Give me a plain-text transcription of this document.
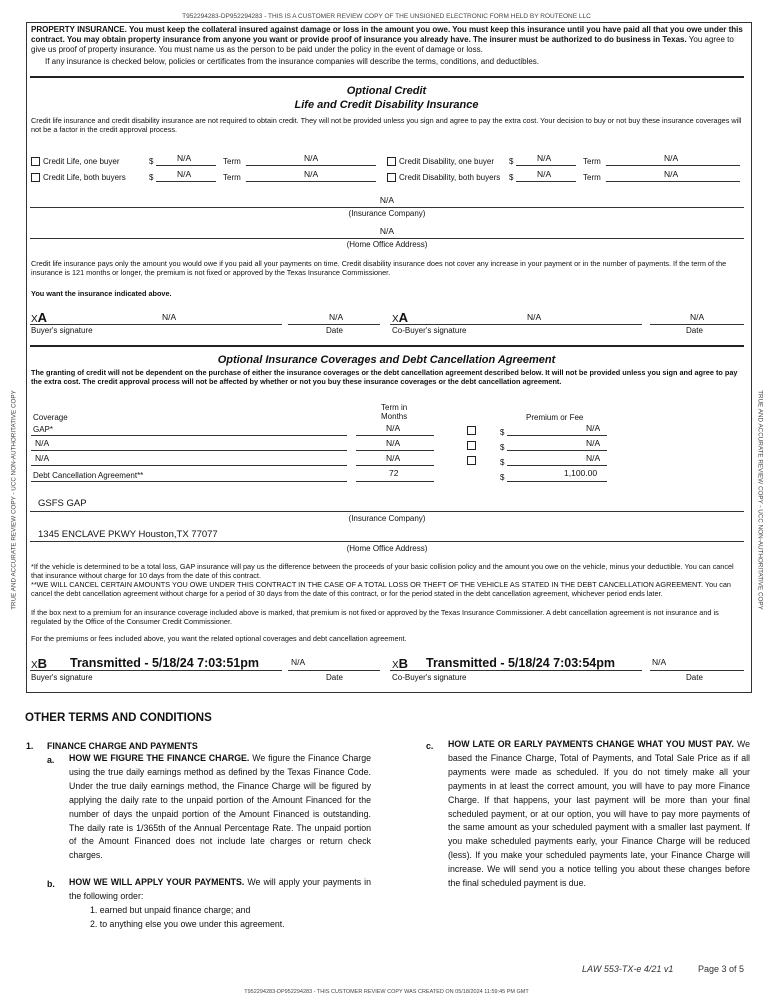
T952294283-DP952294283 - THIS IS A CUSTOMER REVIEW COPY OF THE UNSIGNED ELECTRONIC FORM HELD BY ROUTEONE LLC
PROPERTY INSURANCE. You must keep the collateral insured against damage or loss in the amount you owe. You must keep this insurance until you have paid all that you owe under this contract. You may obtain property insurance from anyone you want or provide proof of insurance you already have. The insurer must be authorized to do business in Texas. You agree to give us proof of property insurance. You must name us as the person to be paid under the policy in the event of damage or loss.
If any insurance is checked below, policies or certificates from the insurance companies will describe the terms, conditions, and deductibles.
Optional Credit
Life and Credit Disability Insurance
Credit life insurance and credit disability insurance are not required to obtain credit. They will not be provided unless you sign and agree to pay the extra cost. Your decision to buy or not buy these insurance coverages will not be a factor in the credit approval process.
Credit Life, one buyer	$	N/A	Term	N/A	Credit Disability, one buyer $	N/A	Term	N/A
Credit Life, both buyers	$	N/A	Term	N/A	Credit Disability, both buyers $	N/A	Term	N/A
N/A
(Insurance Company)
N/A
(Home Office Address)
Credit life insurance pays only the amount you would owe if you paid all your payments on time. Credit disability insurance does not cover any increase in your payment or in the number of payments. If the term of the insurance is 121 months or longer, the premium is not fixed or approved by the Texas Insurance Commissioner.
You want the insurance indicated above.
XA	N/A
Buyer's signature
N/A
Date
XA	N/A
Co-Buyer's signature
N/A
Date
Optional Insurance Coverages and Debt Cancellation Agreement
The granting of credit will not be dependent on the purchase of either the insurance coverages or the debt cancellation agreement described below. It will not be provided unless you sign and agree to pay the extra cost. The credit approval process will not be affected by whether or not you buy these insurance coverages or the debt cancellation agreement.
Term in
Months
Coverage	Premium or Fee
GAP*	N/A	$	N/A
N/A	N/A	$	N/A
N/A	N/A	$	N/A
Debt Cancellation Agreement**	72	$	1,100.00
GSFS GAP
(Insurance Company)
1345 ENCLAVE PKWY Houston,TX 77077
(Home Office Address)
*If the vehicle is determined to be a total loss, GAP insurance will pay us the difference between the proceeds of your basic collision policy and the amount you owe on the vehicle, minus your deductible. You can cancel that insurance without charge for 10 days from the date of this contract.
**WE WILL CANCEL CERTAIN AMOUNTS YOU OWE UNDER THIS CONTRACT IN THE CASE OF A TOTAL LOSS OR THEFT OF THE VEHICLE AS STATED IN THE DEBT CANCELLATION AGREEMENT. You can cancel the debt cancellation agreement without charge for a period of 30 days from the date of this contract, or for the period stated in the debt cancellation agreement, whichever period ends later.
If the box next to a premium for an insurance coverage included above is marked, that premium is not fixed or approved by the Texas Insurance Commissioner. A debt cancellation agreement is not insurance and is regulated by the Office of the Consumer Credit Commissioner.
For the premiums or fees included above, you want the related optional coverages and debt cancellation agreement.
XB Transmitted - 5/18/24 7:03:51pm	N/A
Buyer's signature	Date
XB Transmitted - 5/18/24 7:03:54pm	N/A
Co-Buyer's signature	Date
TRUE AND ACCURATE REVIEW COPY - UCC NON-AUTHORITATIVE COPY	TRUE AND ACCURATE REVIEW COPY - UCC NON-AUTHORITATIVE COPY
OTHER TERMS AND CONDITIONS
1. FINANCE CHARGE AND PAYMENTS
a. HOW WE FIGURE THE FINANCE CHARGE. We figure the Finance Charge using the true daily earnings method as defined by the Texas Finance Code. Under the true daily earnings method, the Finance Charge will be figured by applying the daily rate to the unpaid portion of the Amount Financed for the number of days the unpaid portion of the Amount Financed is outstanding. The daily rate is 1/365th of the Annual Percentage Rate. The unpaid portion of the Amount Financed does not include late charges or return check charges.
b. HOW WE WILL APPLY YOUR PAYMENTS. We will apply your payments in the following order:
1. earned but unpaid finance charge; and
2. to anything else you owe under this agreement.
c. HOW LATE OR EARLY PAYMENTS CHANGE WHAT YOU MUST PAY. We based the Finance Charge, Total of Payments, and Total Sale Price as if all payments were made as scheduled. If you do not timely make all your payments in at least the correct amount, you will have to pay more Finance Charge. If that happens, your last payment will be more than your final scheduled payment, or at our option, you will have to pay more payments of the same amount as your scheduled payment with a smaller last payment. If you make scheduled payments early, your Finance Charge will be reduced (less). If you make your scheduled payments late, your Finance Charge will increase. We will send you a notice telling you about these changes before the final scheduled payment is due.
LAW 553-TX-e 4/21 v1	Page 3 of 5
T952294283-DP952294283 - THIS CUSTOMER REVIEW COPY WAS CREATED ON 05/18/2024 11:59:45 PM GMT
